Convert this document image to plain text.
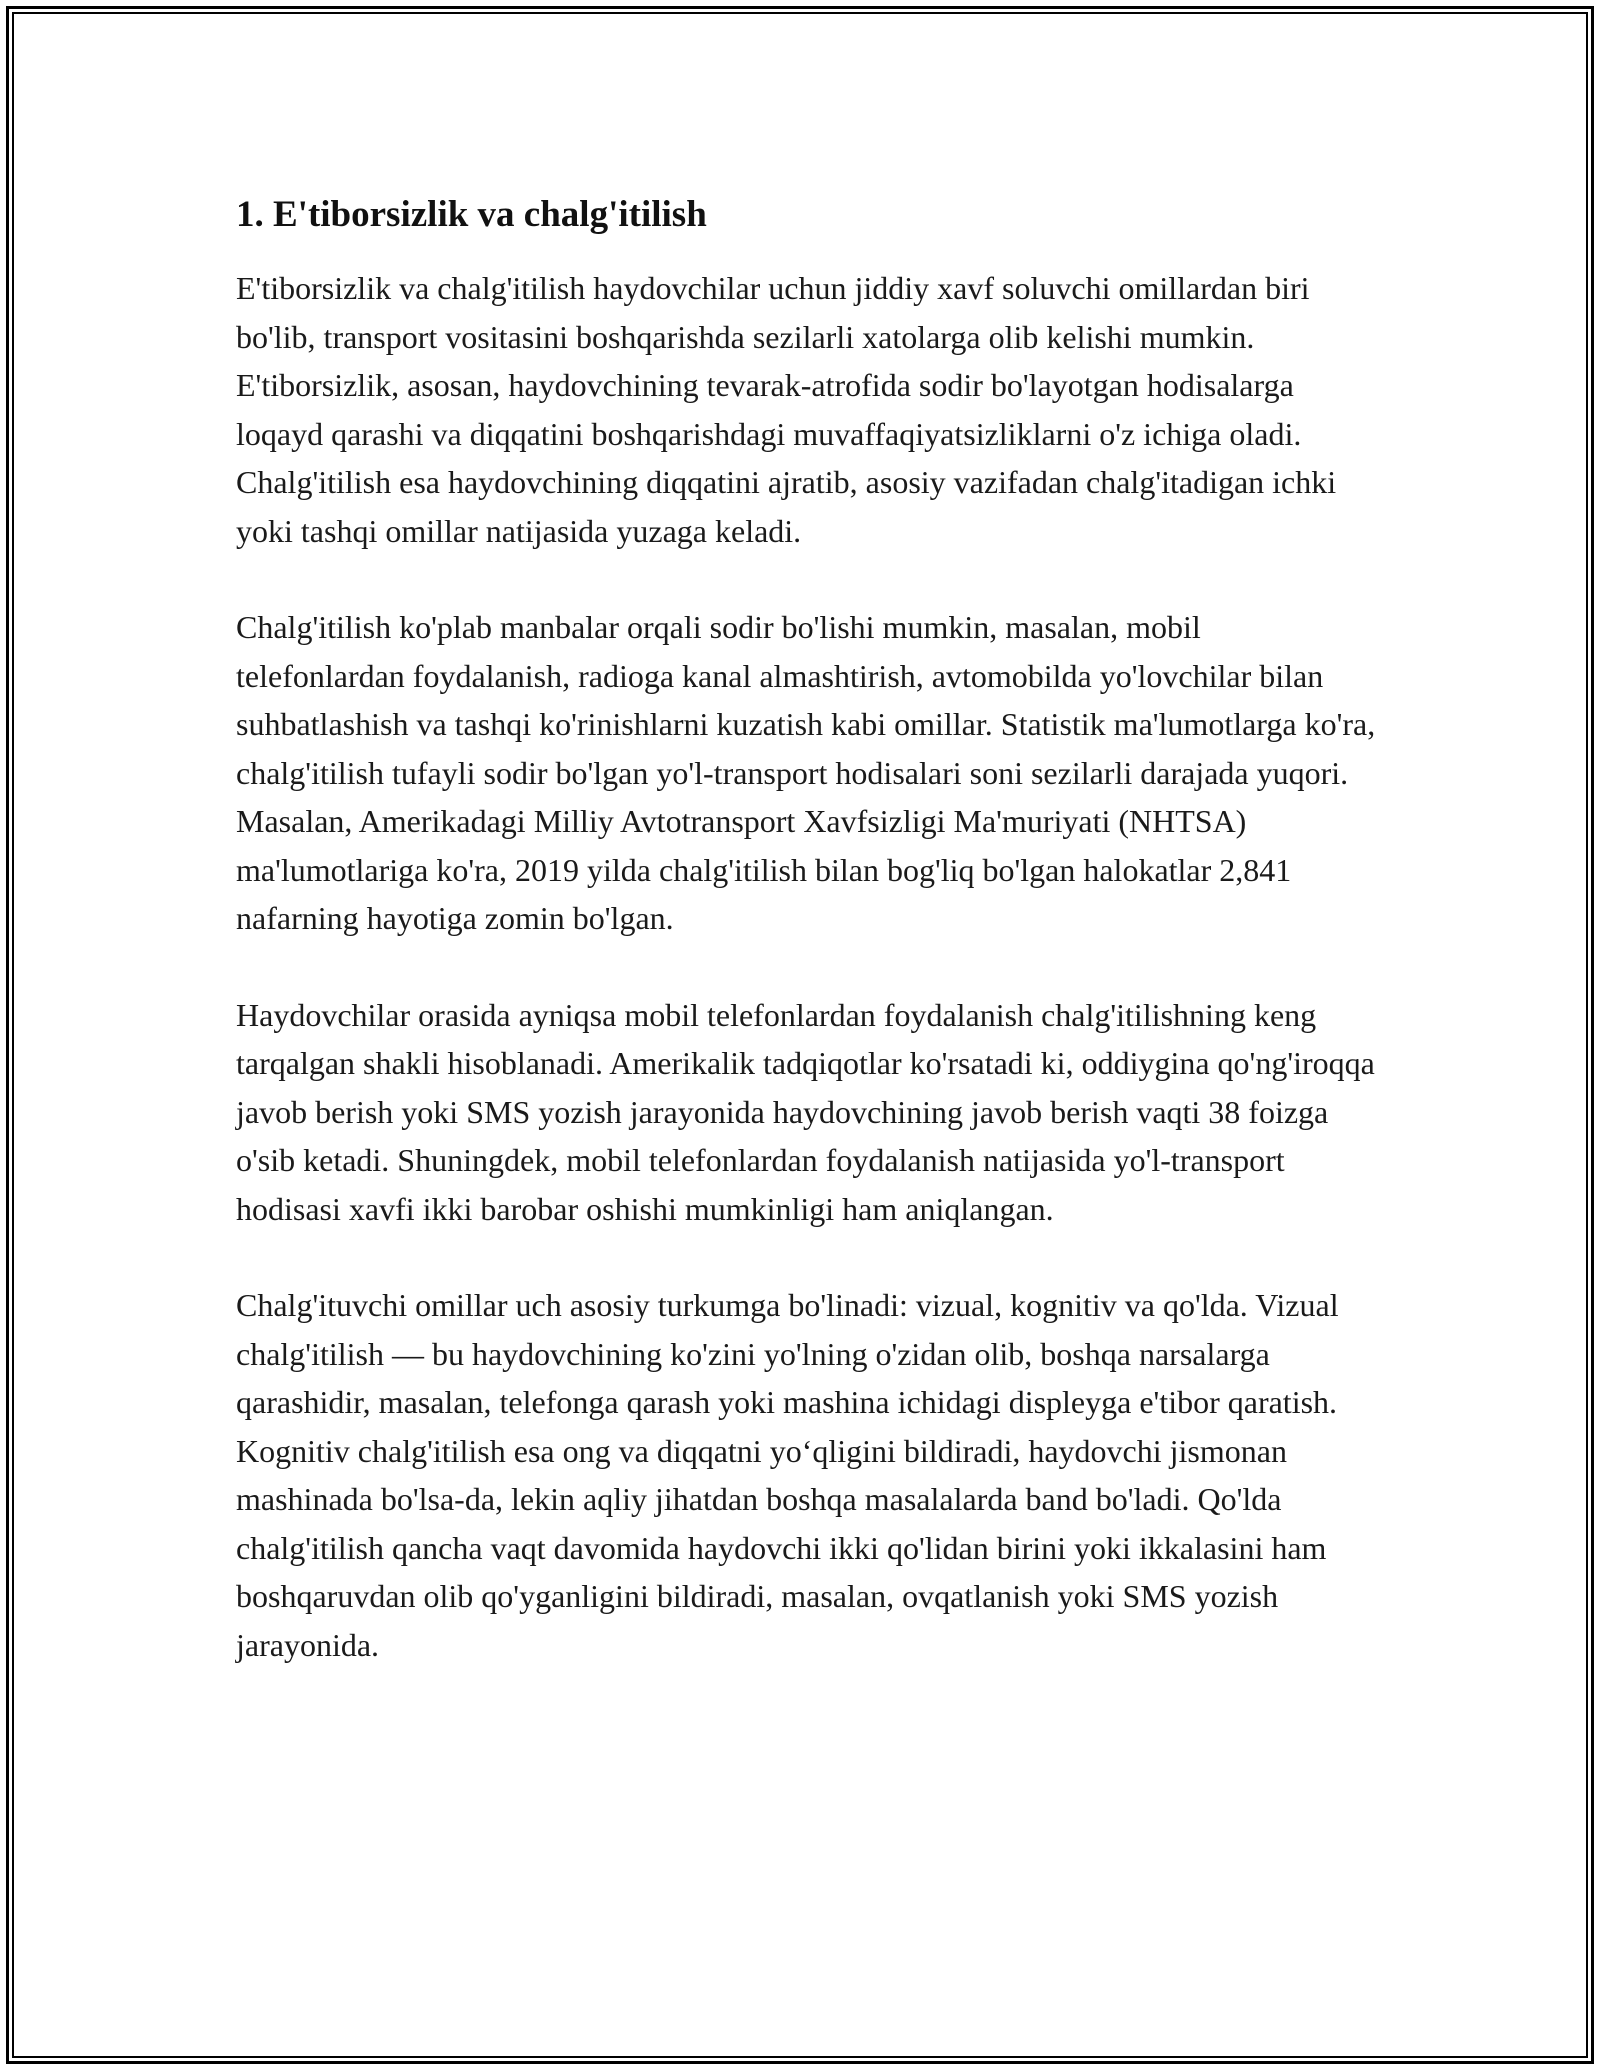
1. E'tiborsizlik va chalg'itilish

E'tiborsizlik va chalg'itilish haydovchilar uchun jiddiy xavf soluvchi omillardan biri bo'lib, transport vositasini boshqarishda sezilarli xatolarga olib kelishi mumkin. E'tiborsizlik, asosan, haydovchining tevarak-atrofida sodir bo'layotgan hodisalarga loqayd qarashi va diqqatini boshqarishdagi muvaffaqiyatsizliklarni o'z ichiga oladi. Chalg'itilish esa haydovchining diqqatini ajratib, asosiy vazifadan chalg'itadigan ichki yoki tashqi omillar natijasida yuzaga keladi.

Chalg'itilish ko'plab manbalar orqali sodir bo'lishi mumkin, masalan, mobil telefonlardan foydalanish, radioga kanal almashtirish, avtomobilda yo'lovchilar bilan suhbatlashish va tashqi ko'rinishlarni kuzatish kabi omillar. Statistik ma'lumotlarga ko'ra, chalg'itilish tufayli sodir bo'lgan yo'l-transport hodisalari soni sezilarli darajada yuqori. Masalan, Amerikadagi Milliy Avtotransport Xavfsizligi Ma'muriyati (NHTSA) ma'lumotlariga ko'ra, 2019 yilda chalg'itilish bilan bog'liq bo'lgan halokatlar 2,841 nafarning hayotiga zomin bo'lgan.

Haydovchilar orasida ayniqsa mobil telefonlardan foydalanish chalg'itilishning keng tarqalgan shakli hisoblanadi. Amerikalik tadqiqotlar ko'rsatadi ki, oddiygina qo'ng'iroqqa javob berish yoki SMS yozish jarayonida haydovchining javob berish vaqti 38 foizga o'sib ketadi. Shuningdek, mobil telefonlardan foydalanish natijasida yo'l-transport hodisasi xavfi ikki barobar oshishi mumkinligi ham aniqlangan.

Chalg'ituvchi omillar uch asosiy turkumga bo'linadi: vizual, kognitiv va qo'lda. Vizual chalg'itilish — bu haydovchining ko'zini yo'lning o'zidan olib, boshqa narsalarga qarashidir, masalan, telefonga qarash yoki mashina ichidagi displeyga e'tibor qaratish. Kognitiv chalg'itilish esa ong va diqqatni yo‘qligini bildiradi, haydovchi jismonan mashinada bo'lsa-da, lekin aqliy jihatdan boshqa masalalarda band bo'ladi. Qo'lda chalg'itilish qancha vaqt davomida haydovchi ikki qo'lidan birini yoki ikkalasini ham boshqaruvdan olib qo'yganligini bildiradi, masalan, ovqatlanish yoki SMS yozish jarayonida.
